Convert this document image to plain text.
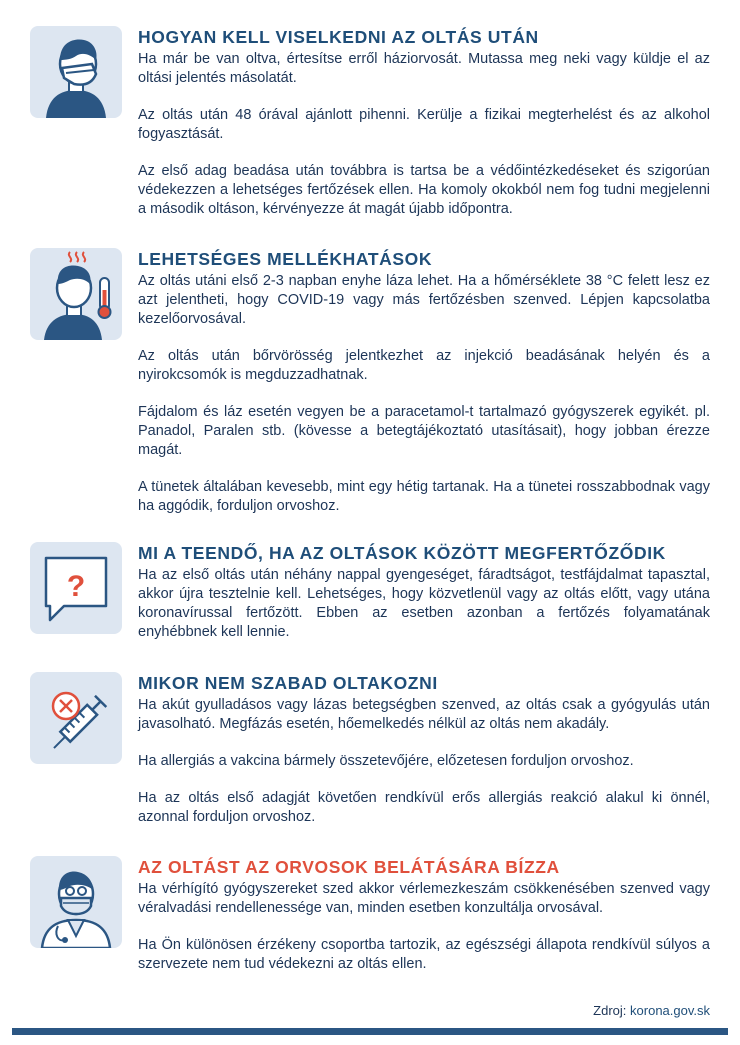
HOGYAN KELL VISELKEDNI AZ OLTÁS UTÁN

Ha már be van oltva, értesítse erről háziorvosát. Mutassa meg neki vagy küldje el az oltási jelentés másolatát.

Az oltás után 48 órával ajánlott pihenni. Kerülje a fizikai megterhelést és az alkohol fogyasztását.

Az első adag beadása után továbbra is tartsa be a védőintézkedéseket és szigorúan védekezzen a lehetséges fertőzések ellen. Ha komoly okokból nem fog tudni megjelenni a második oltáson, kérvényezze át magát újabb időpontra.

LEHETSÉGES MELLÉKHATÁSOK

Az oltás utáni első 2-3 napban enyhe láza lehet. Ha a hőmérséklete 38 °C felett lesz ez azt jelentheti, hogy COVID-19 vagy más fertőzésben szenved. Lépjen kapcsolatba kezelőorvosával.

Az oltás után bőrvörösség jelentkezhet az injekció beadásának helyén és a nyirokcsomók is megduzzadhatnak.

Fájdalom és láz esetén vegyen be a paracetamol-t tartalmazó gyógyszerek egyikét. pl. Panadol, Paralen stb. (kövesse a betegtájékoztató utasításait), hogy jobban érezze magát.

A tünetek általában kevesebb, mint egy hétig tartanak. Ha a tünetei rosszabbodnak vagy ha aggódik, forduljon orvoshoz.

?
MI A TEENDŐ, HA AZ OLTÁSOK KÖZÖTT MEGFERTŐZŐDIK

Ha az első oltás után néhány nappal gyengeséget, fáradtságot, testfájdalmat tapasztal, akkor újra tesztelnie kell. Lehetséges, hogy közvetlenül vagy az oltás előtt, vagy utána koronavírussal fertőzött. Ebben az esetben azonban a fertőzés folyamatának enyhébbnek kell lennie.

MIKOR NEM SZABAD OLTAKOZNI

Ha akút gyulladásos vagy lázas betegségben szenved, az oltás csak a gyógyulás után javasolható. Megfázás esetén, hőemelkedés nélkül az oltás nem akadály.

Ha allergiás a vakcina bármely összetevőjére, előzetesen forduljon orvoshoz.

Ha az oltás első adagját követően rendkívül erős allergiás reakció alakul ki önnél, azonnal forduljon orvoshoz.

AZ OLTÁST AZ ORVOSOK BELÁTÁSÁRA BÍZZA

Ha vérhígító gyógyszereket szed akkor vérlemezkeszám csökkenésében szenved vagy véralvadási rendellenessége van, minden esetben konzultálja orvosával.

Ha Ön különösen érzékeny csoportba tartozik, az egészségi állapota rendkívül súlyos a szervezete nem tud védekezni az oltás ellen.

Zdroj: korona.gov.sk
